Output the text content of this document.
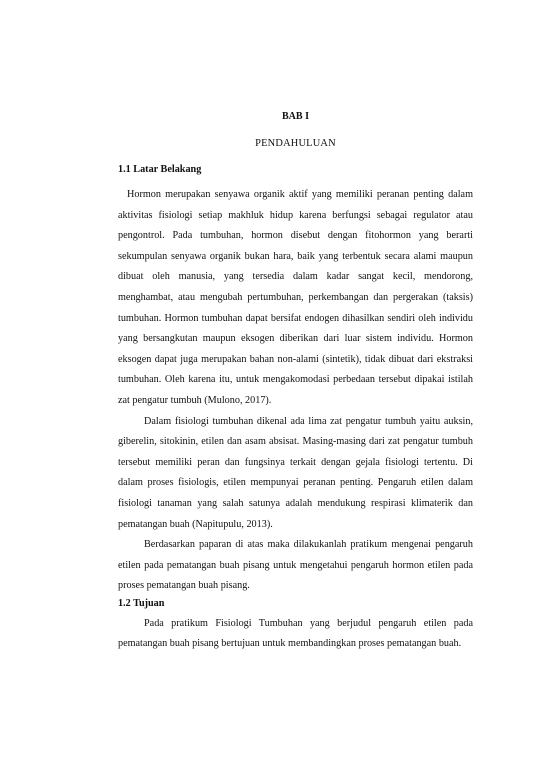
BAB I

PENDAHULUAN

1.1 Latar Belakang

Hormon merupakan senyawa organik aktif yang memiliki peranan penting dalam aktivitas fisiologi setiap makhluk hidup karena berfungsi sebagai regulator atau pengontrol. Pada tumbuhan, hormon disebut dengan fitohormon yang berarti sekumpulan senyawa organik bukan hara, baik yang terbentuk secara alami maupun dibuat oleh manusia, yang tersedia dalam kadar sangat kecil, mendorong, menghambat, atau mengubah pertumbuhan, perkembangan dan pergerakan (taksis) tumbuhan. Hormon tumbuhan dapat bersifat endogen dihasilkan sendiri oleh individu yang bersangkutan maupun eksogen diberikan dari luar sistem individu. Hormon eksogen dapat juga merupakan bahan non-alami (sintetik), tidak dibuat dari ekstraksi tumbuhan. Oleh karena itu, untuk mengakomodasi perbedaan tersebut dipakai istilah zat pengatur tumbuh (Mulono, 2017).

Dalam fisiologi tumbuhan dikenal ada lima zat pengatur tumbuh yaitu auksin, giberelin, sitokinin, etilen dan asam absisat. Masing-masing dari zat pengatur tumbuh tersebut memiliki peran dan fungsinya terkait dengan gejala fisiologi tertentu. Di dalam proses fisiologis, etilen mempunyai peranan penting. Pengaruh etilen dalam fisiologi tanaman yang salah satunya adalah mendukung respirasi klimaterik dan pematangan buah (Napitupulu, 2013).

Berdasarkan paparan di atas maka dilakukanlah pratikum mengenai pengaruh etilen pada pematangan buah pisang untuk mengetahui pengaruh hormon etilen pada proses pematangan buah pisang.

1.2 Tujuan

Pada pratikum Fisiologi Tumbuhan yang berjudul pengaruh etilen pada pematangan buah pisang bertujuan untuk membandingkan proses pematangan buah.
